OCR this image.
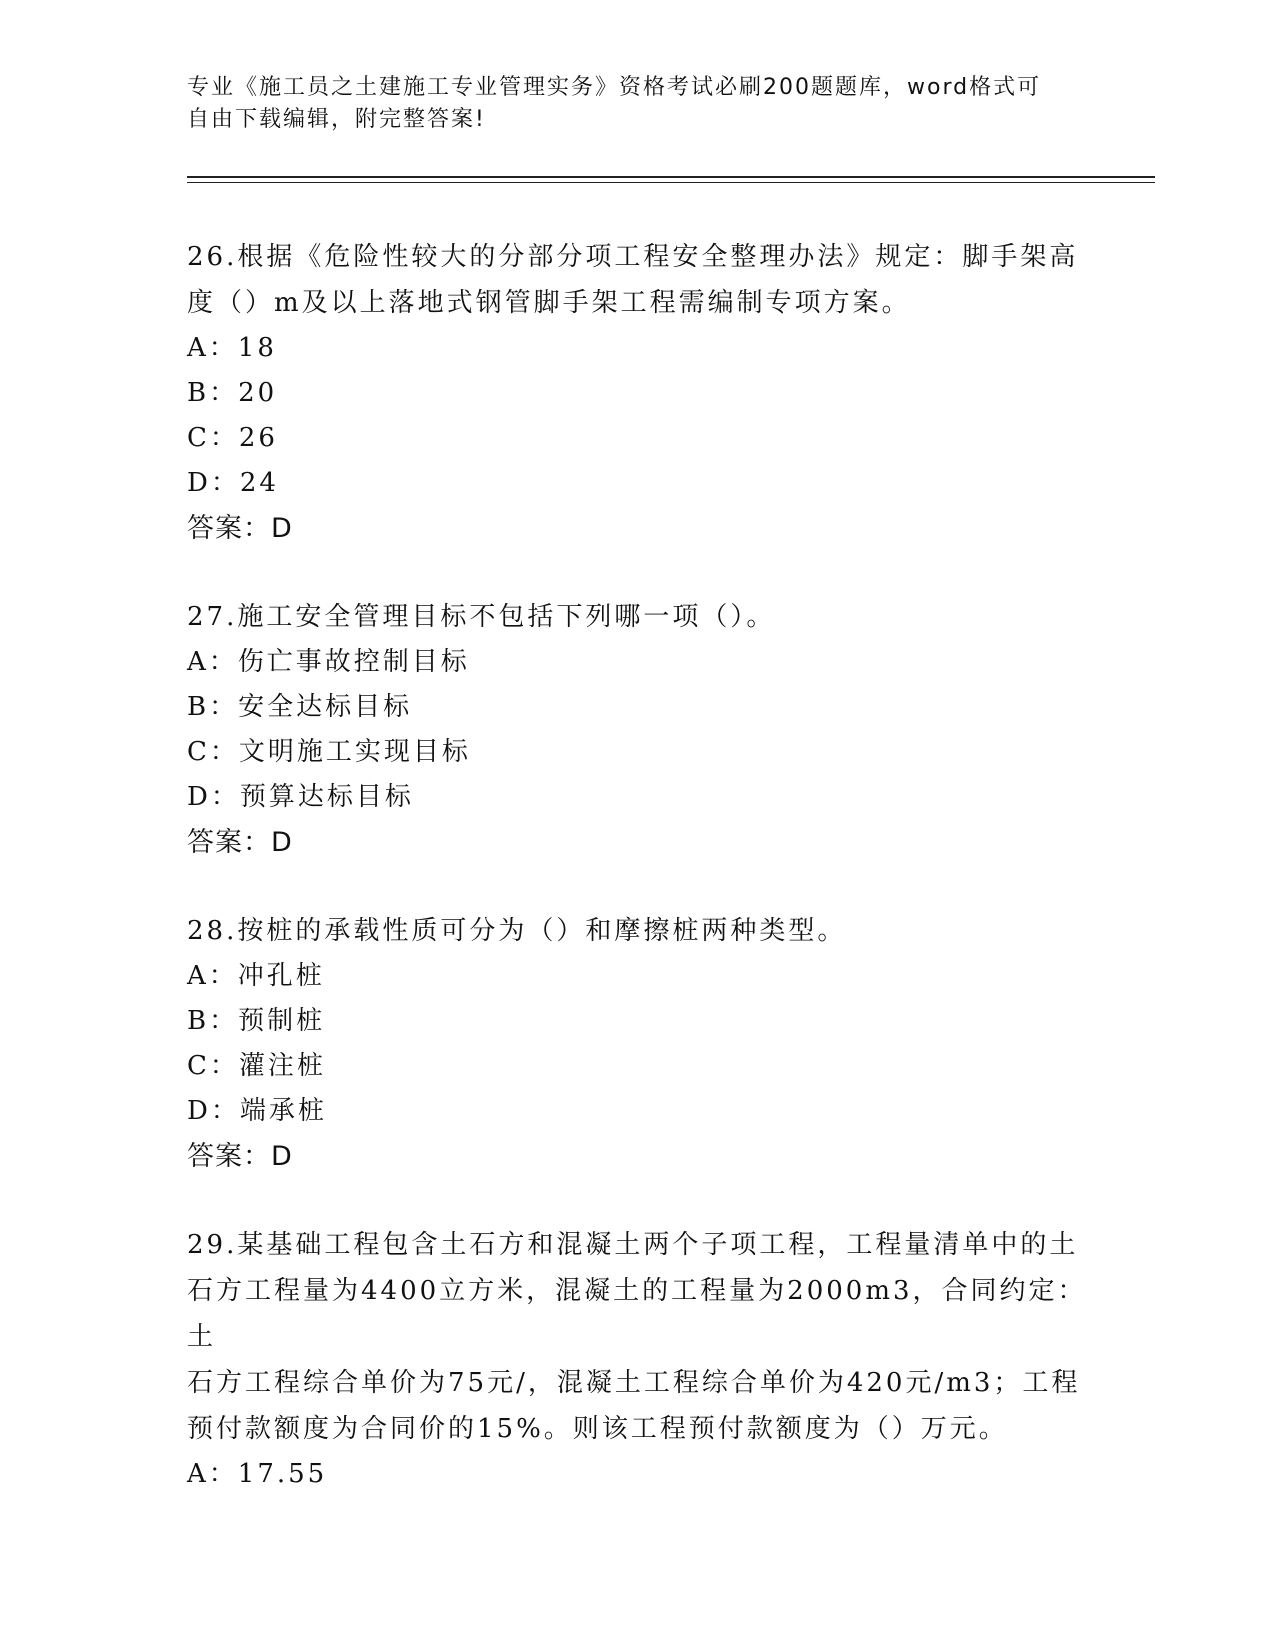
专业《施工员之土建施工专业管理实务》资格考试必刷200题题库，word格式可
自由下载编辑，附完整答案!

26.根据《危险性较大的分部分项工程安全整理办法》规定：脚手架高

度（）m及以上落地式钢管脚手架工程需编制专项方案。

A：18

B：20

C：26

D：24

答案：D

27.施工安全管理目标不包括下列哪一项（）。

A：伤亡事故控制目标

B：安全达标目标

C：文明施工实现目标

D：预算达标目标

答案：D

28.按桩的承载性质可分为（）和摩擦桩两种类型。

A：冲孔桩

B：预制桩

C：灌注桩

D：端承桩

答案：D

29.某基础工程包含土石方和混凝土两个子项工程，工程量清单中的土

石方工程量为4400立方米，混凝土的工程量为2000m3，合同约定：土

石方工程综合单价为75元/，混凝土工程综合单价为420元/m3；工程

预付款额度为合同价的15%。则该工程预付款额度为（）万元。

A：17.55
